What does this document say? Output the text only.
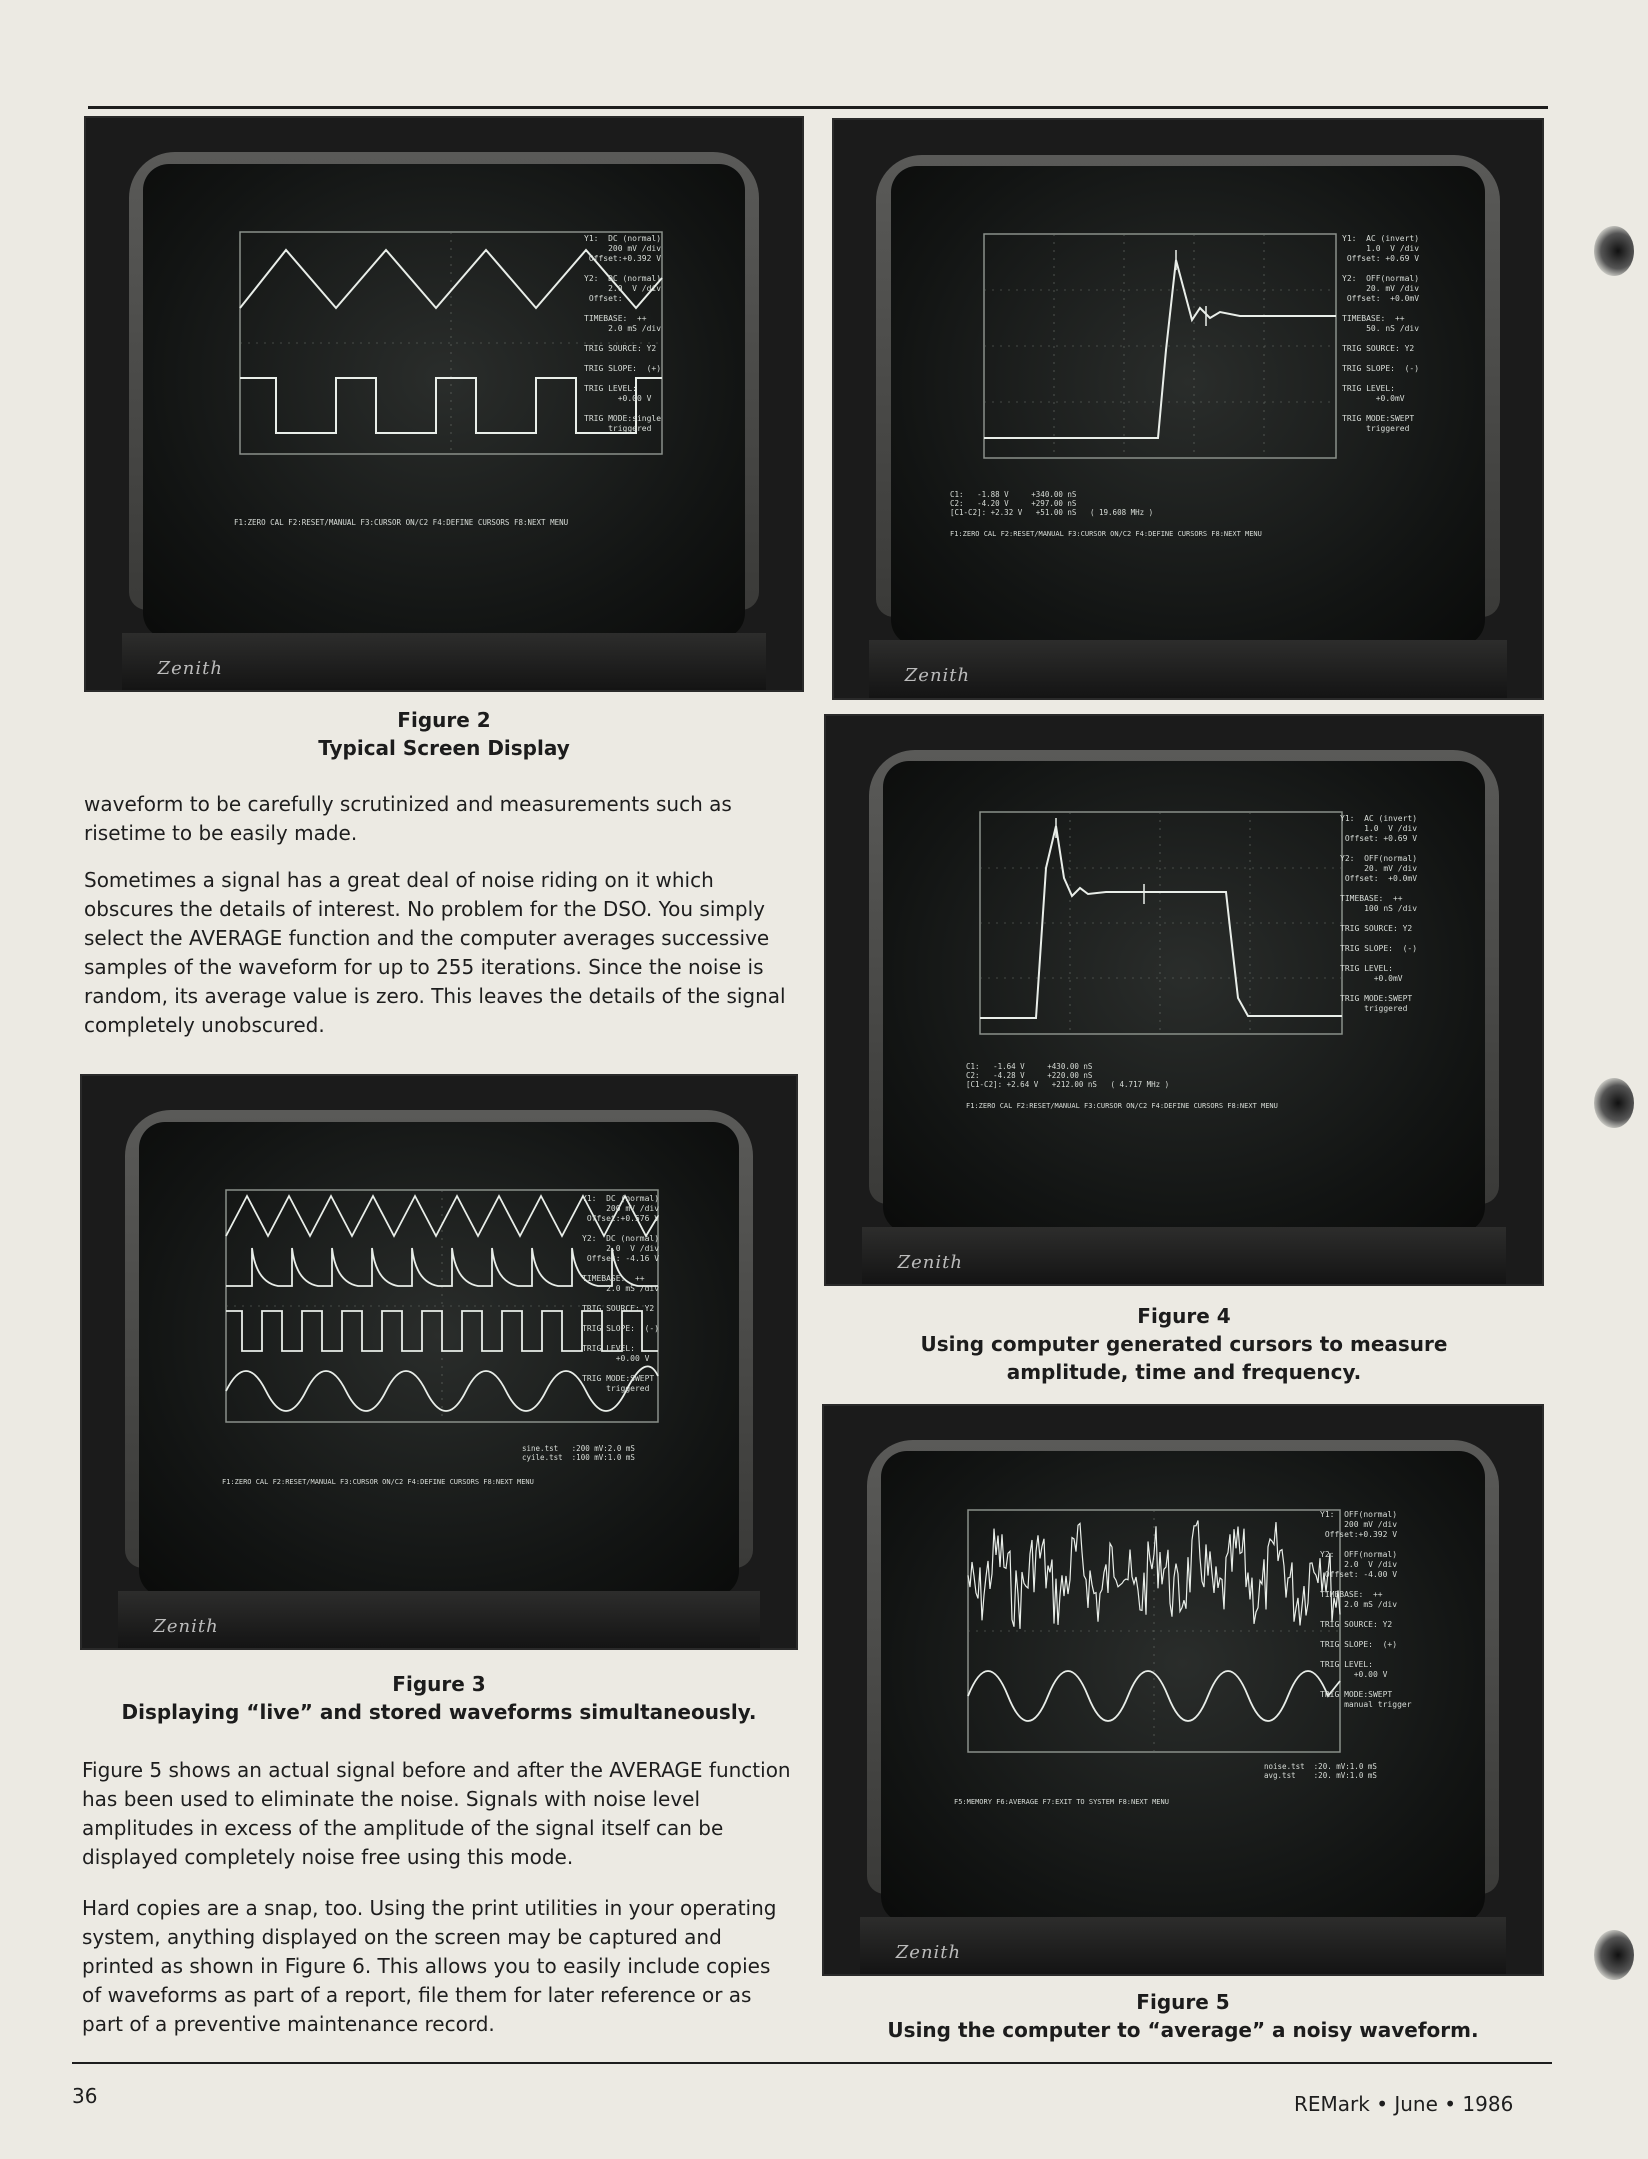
Y1:  DC (normal)
200 mV /div
Offset:+0.392 V

Y2:  DC (normal)
2.0  V /div
Offset:

TIMEBASE:  ++
2.0 mS /div

TRIG SOURCE: Y2

TRIG SLOPE:  (+)

TRIG LEVEL:
+0.00 V

TRIG MODE:single
triggered
F1:ZERO CAL F2:RESET/MANUAL F3:CURSOR ON/C2 F4:DEFINE CURSORS F8:NEXT MENU
Zenith
Figure 2
Typical Screen Display
Y1:  AC (invert)
1.0  V /div
Offset: +0.69 V

Y2:  OFF(normal)
20. mV /div
Offset:  +0.0mV

TIMEBASE:  ++
50. nS /div

TRIG SOURCE: Y2

TRIG SLOPE:  (-)

TRIG LEVEL:
+0.0mV

TRIG MODE:SWEPT
triggered
C1:   -1.88 V     +340.00 nS
C2:   -4.20 V     +297.00 nS
[C1-C2]: +2.32 V   +51.00 nS   ( 19.608 MHz )
F1:ZERO CAL F2:RESET/MANUAL F3:CURSOR ON/C2 F4:DEFINE CURSORS F8:NEXT MENU
Zenith
Y1:  AC (invert)
1.0  V /div
Offset: +0.69 V

Y2:  OFF(normal)
20. mV /div
Offset:  +0.0mV

TIMEBASE:  ++
100 nS /div

TRIG SOURCE: Y2

TRIG SLOPE:  (-)

TRIG LEVEL:
+0.0mV

TRIG MODE:SWEPT
triggered
C1:   -1.64 V     +430.00 nS
C2:   -4.28 V     +220.00 nS
[C1-C2]: +2.64 V   +212.00 nS   ( 4.717 MHz )
F1:ZERO CAL F2:RESET/MANUAL F3:CURSOR ON/C2 F4:DEFINE CURSORS F8:NEXT MENU
Zenith
Figure 4
Using computer generated cursors to measure amplitude, time and frequency.

waveform to be carefully scrutinized and measurements such as risetime to be easily made.

Sometimes a signal has a great deal of noise riding on it which obscures the details of interest. No problem for the DSO. You simply select the AVERAGE function and the computer averages successive samples of the waveform for up to 255 iterations. Since the noise is random, its average value is zero. This leaves the details of the signal completely unobscured.

Y1:  DC (normal)
200 mV /div
Offset:+0.576 V

Y2:  DC (normal)
2.0  V /div
Offset: -4.16 V

TIMEBASE:  ++
2.0 mS /div

TRIG SOURCE: Y2

TRIG SLOPE:  (-)

TRIG LEVEL:
+0.00 V

TRIG MODE:SWEPT
triggered
sine.tst   :200 mV:2.0 mS
cyile.tst  :100 mV:1.0 mS
F1:ZERO CAL F2:RESET/MANUAL F3:CURSOR ON/C2 F4:DEFINE CURSORS F8:NEXT MENU
Zenith
Figure 3
Displaying “live” and stored waveforms simultaneously.

Figure 5 shows an actual signal before and after the AVERAGE function has been used to eliminate the noise. Signals with noise level amplitudes in excess of the amplitude of the signal itself can be displayed completely noise free using this mode.

Hard copies are a snap, too. Using the print utilities in your operating system, anything displayed on the screen may be captured and printed as shown in Figure 6. This allows you to easily include copies of waveforms as part of a report, file them for later reference or as part of a preventive maintenance record.

Y1:  OFF(normal)
200 mV /div
Offset:+0.392 V

Y2:  OFF(normal)
2.0  V /div
Offset: -4.00 V

TIMEBASE:  ++
2.0 mS /div

TRIG SOURCE: Y2

TRIG SLOPE:  (+)

TRIG LEVEL:
+0.00 V

TRIG MODE:SWEPT
manual trigger
noise.tst  :20. mV:1.0 mS
avg.tst    :20. mV:1.0 mS
F5:MEMORY F6:AVERAGE F7:EXIT TO SYSTEM F8:NEXT MENU
Zenith
Figure 5
Using the computer to “average” a noisy waveform.
36	REMark • June • 1986
